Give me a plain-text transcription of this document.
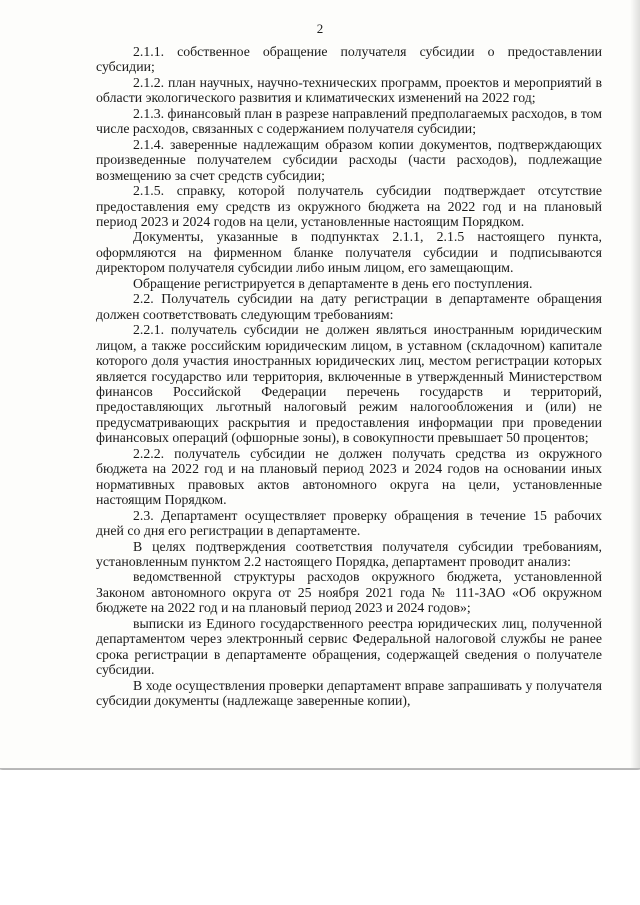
2

2.1.1. собственное обращение получателя субсидии о предоставлении субсидии;

2.1.2. план научных, научно-технических программ, проектов и мероприятий в области экологического развития и климатических изменений на 2022 год;

2.1.3. финансовый план в разрезе направлений предполагаемых расходов, в том числе расходов, связанных с содержанием получателя субсидии;

2.1.4. заверенные надлежащим образом копии документов, подтверждающих произведенные получателем субсидии расходы (части расходов), подлежащие возмещению за счет средств субсидии;

2.1.5. справку, которой получатель субсидии подтверждает отсутствие предоставления ему средств из окружного бюджета на 2022 год и на плановый период 2023 и 2024 годов на цели, установленные настоящим Порядком.

Документы, указанные в подпунктах 2.1.1, 2.1.5 настоящего пункта, оформляются на фирменном бланке получателя субсидии и подписываются директором получателя субсидии либо иным лицом, его замещающим.

Обращение регистрируется в департаменте в день его поступления.

2.2. Получатель субсидии на дату регистрации в департаменте обращения должен соответствовать следующим требованиям:

2.2.1. получатель субсидии не должен являться иностранным юридическим лицом, а также российским юридическим лицом, в уставном (складочном) капитале которого доля участия иностранных юридических лиц, местом регистрации которых является государство или территория, включенные в утвержденный Министерством финансов Российской Федерации перечень государств и территорий, предоставляющих льготный налоговый режим налогообложения и (или) не предусматривающих раскрытия и предоставления информации при проведении финансовых операций (офшорные зоны), в совокупности превышает 50 процентов;

2.2.2. получатель субсидии не должен получать средства из окружного бюджета на 2022 год и на плановый период 2023 и 2024 годов на основании иных нормативных правовых актов автономного округа на цели, установленные настоящим Порядком.

2.3. Департамент осуществляет проверку обращения в течение 15 рабочих дней со дня его регистрации в департаменте.

В целях подтверждения соответствия получателя субсидии требованиям, установленным пунктом 2.2 настоящего Порядка, департамент проводит анализ:

ведомственной структуры расходов окружного бюджета, установленной Законом автономного округа от 25 ноября 2021 года № 111-ЗАО «Об окружном бюджете на 2022 год и на плановый период 2023 и 2024 годов»;

выписки из Единого государственного реестра юридических лиц, полученной департаментом через электронный сервис Федеральной налоговой службы не ранее срока регистрации в департаменте обращения, содержащей сведения о получателе субсидии.

В ходе осуществления проверки департамент вправе запрашивать у получателя субсидии документы (надлежаще заверенные копии),
